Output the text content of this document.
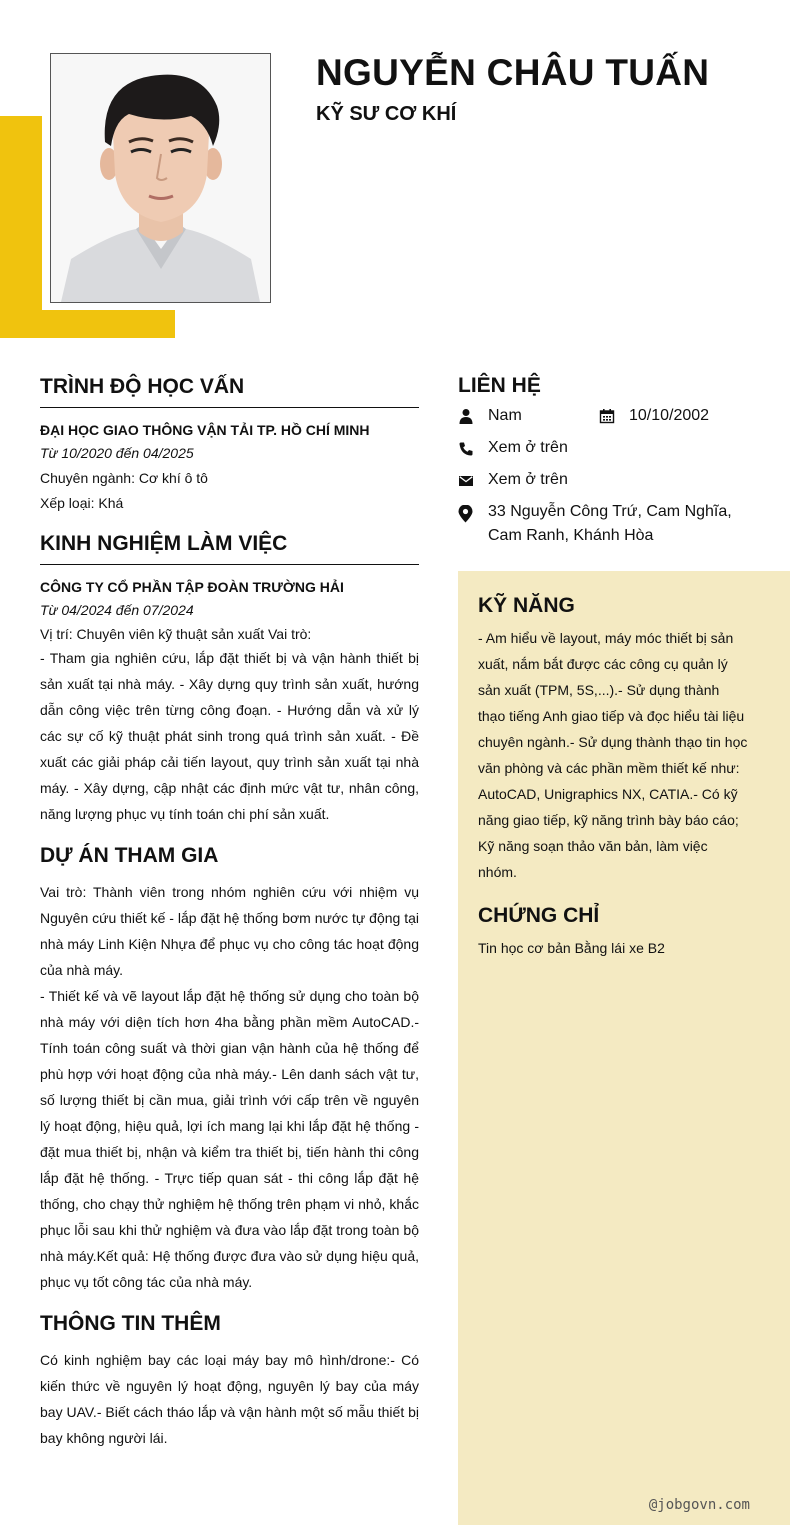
NGUYỄN CHÂU TUẤN
KỸ SƯ CƠ KHÍ
TRÌNH ĐỘ HỌC VẤN

ĐẠI HỌC GIAO THÔNG VẬN TẢI TP. HỒ CHÍ MINH

Từ 10/2020 đến 04/2025

Chuyên ngành: Cơ khí ô tô

Xếp loại: Khá

KINH NGHIỆM LÀM VIỆC

CÔNG TY CỔ PHẦN TẬP ĐOÀN TRƯỜNG HẢI

Từ 04/2024 đến 07/2024

Vị trí: Chuyên viên kỹ thuật sản xuất Vai trò:

- Tham gia nghiên cứu, lắp đặt thiết bị và vận hành thiết bị sản xuất tại nhà máy. - Xây dựng quy trình sản xuất, hướng dẫn công việc trên từng công đoạn. - Hướng dẫn và xử lý các sự cố kỹ thuật phát sinh trong quá trình sản xuất. - Đề xuất các giải pháp cải tiến layout, quy trình sản xuất tại nhà máy. - Xây dựng, cập nhật các định mức vật tư, nhân công, năng lượng phục vụ tính toán chi phí sản xuất.

DỰ ÁN THAM GIA

Vai trò: Thành viên trong nhóm nghiên cứu với nhiệm vụ Nguyên cứu thiết kế - lắp đặt hệ thống bơm nước tự động tại nhà máy Linh Kiện Nhựa để phục vụ cho công tác hoạt động của nhà máy.

- Thiết kế và vẽ layout lắp đặt hệ thống sử dụng cho toàn bộ nhà máy với diện tích hơn 4ha bằng phần mềm AutoCAD.- Tính toán công suất và thời gian vận hành của hệ thống để phù hợp với hoạt động của nhà máy.- Lên danh sách vật tư, số lượng thiết bị cần mua, giải trình với cấp trên về nguyên lý hoạt động, hiệu quả, lợi ích mang lại khi lắp đặt hệ thống - đặt mua thiết bị, nhận và kiểm tra thiết bị, tiến hành thi công lắp đặt hệ thống. - Trực tiếp quan sát - thi công lắp đặt hệ thống, cho chạy thử nghiệm hệ thống trên phạm vi nhỏ, khắc phục lỗi sau khi thử nghiệm và đưa vào lắp đặt trong toàn bộ nhà máy.Kết quả: Hệ thống được đưa vào sử dụng hiệu quả, phục vụ tốt công tác của nhà máy.

THÔNG TIN THÊM

Có kinh nghiệm bay các loại máy bay mô hình/drone:- Có kiến thức về nguyên lý hoạt động, nguyên lý bay của máy bay UAV.- Biết cách tháo lắp và vận hành một số mẫu thiết bị bay không người lái.

LIÊN HỆ
Nam	10/10/2002
Xem ở trên
Xem ở trên
33 Nguyễn Công Trứ, Cam Nghĩa,
Cam Ranh, Khánh Hòa
KỸ NĂNG

- Am hiểu về layout, máy móc thiết bị sản xuất, nắm bắt được các công cụ quản lý sản xuất (TPM, 5S,...).- Sử dụng thành thạo tiếng Anh giao tiếp và đọc hiểu tài liệu chuyên ngành.- Sử dụng thành thạo tin học văn phòng và các phần mềm thiết kế như: AutoCAD, Unigraphics NX, CATIA.- Có kỹ năng giao tiếp, kỹ năng trình bày báo cáo; Kỹ năng soạn thảo văn bản, làm việc nhóm.

CHỨNG CHỈ

Tin học cơ bản Bằng lái xe B2

@jobgovn.com
